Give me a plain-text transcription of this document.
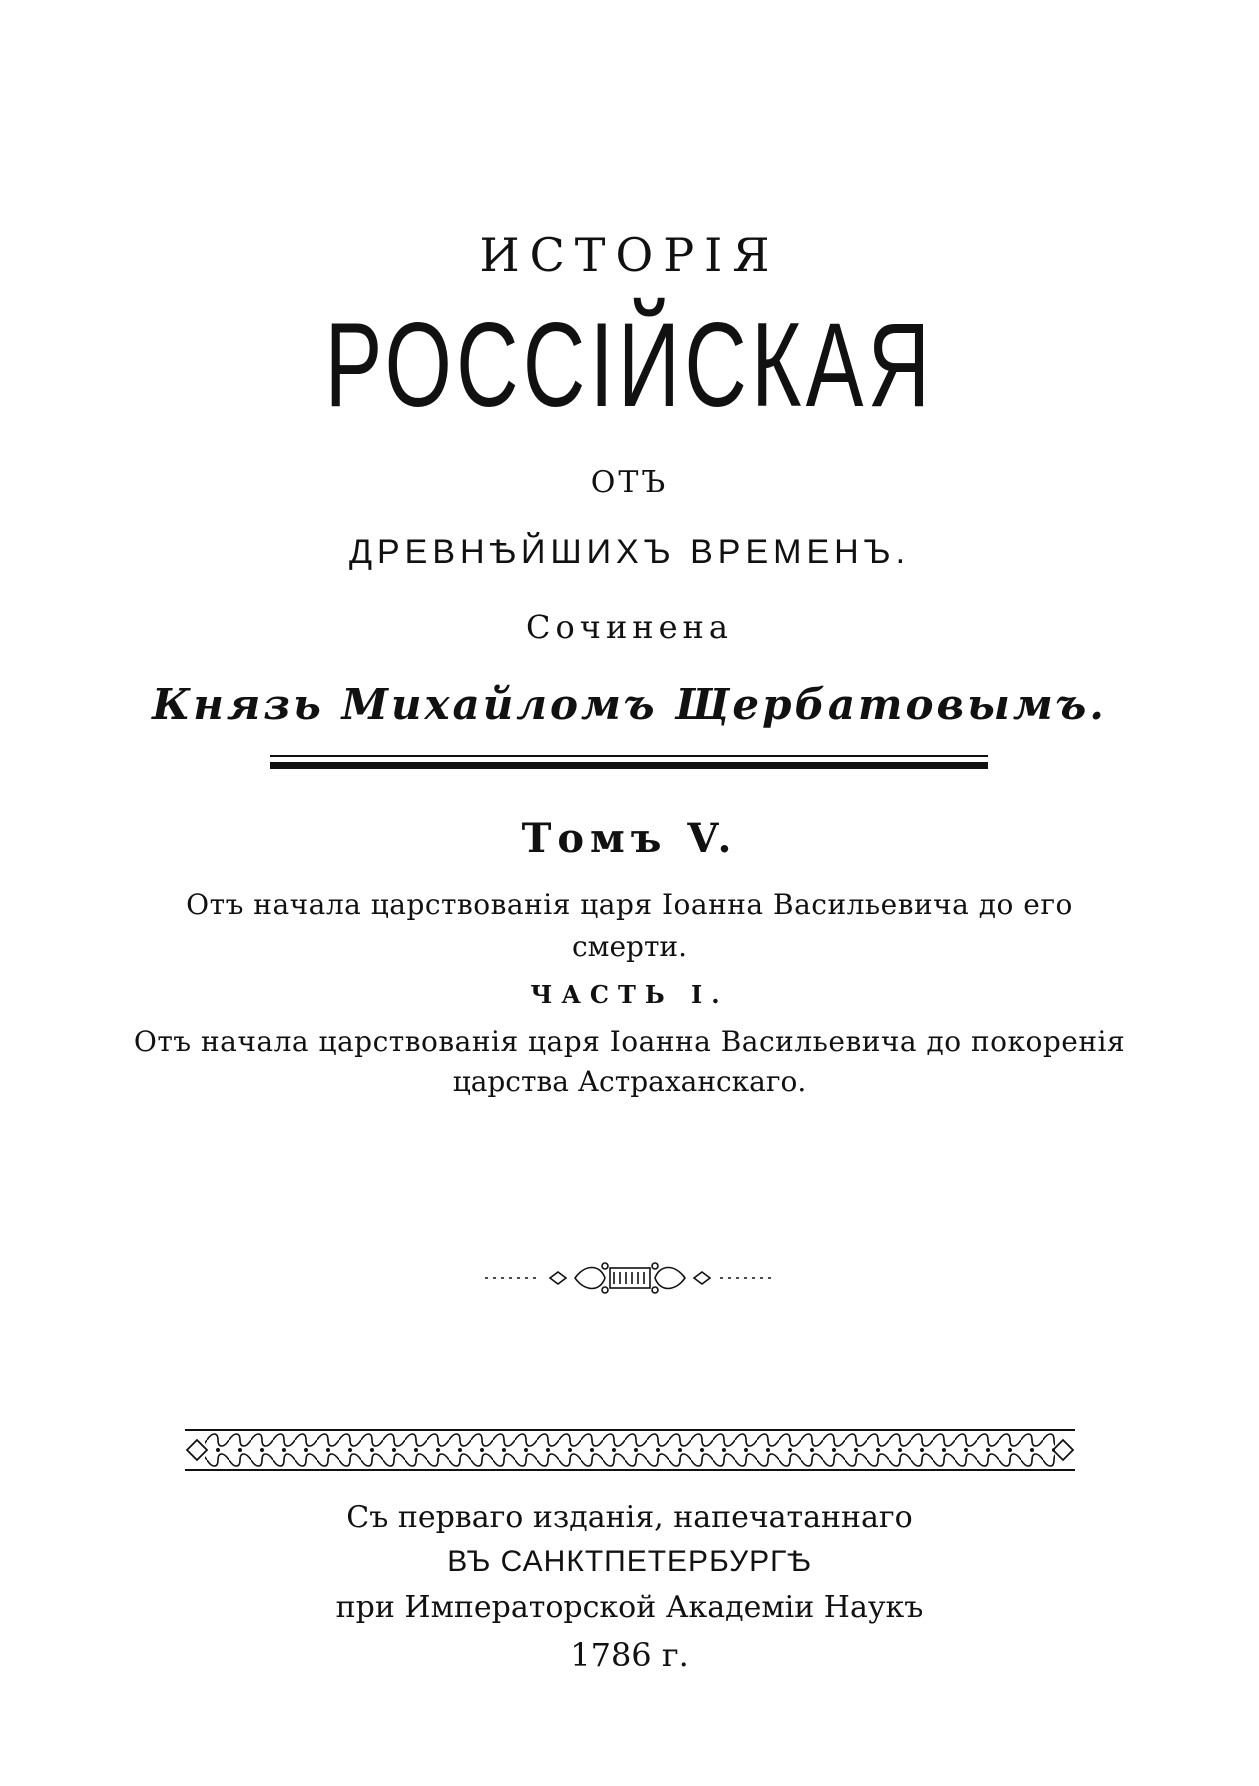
ИСТОРІЯ
РОССІЙСКАЯ
ОТЪ
ДРЕВНѢЙШИХЪ ВРЕМЕНЪ.
Сочинена
Князь Михайломъ Щербатовымъ.
Томъ V.
Отъ начала царствованія царя Іоанна Васильевича до его
смерти.
ЧАСТЬ I.
Отъ начала царствованія царя Іоанна Васильевича до покоренія
царства Астраханскаго.
Съ перваго изданія, напечатаннаго
ВЪ САНКТПЕТЕРБУРГѢ
при Императорской Академіи Наукъ
1786 г.
